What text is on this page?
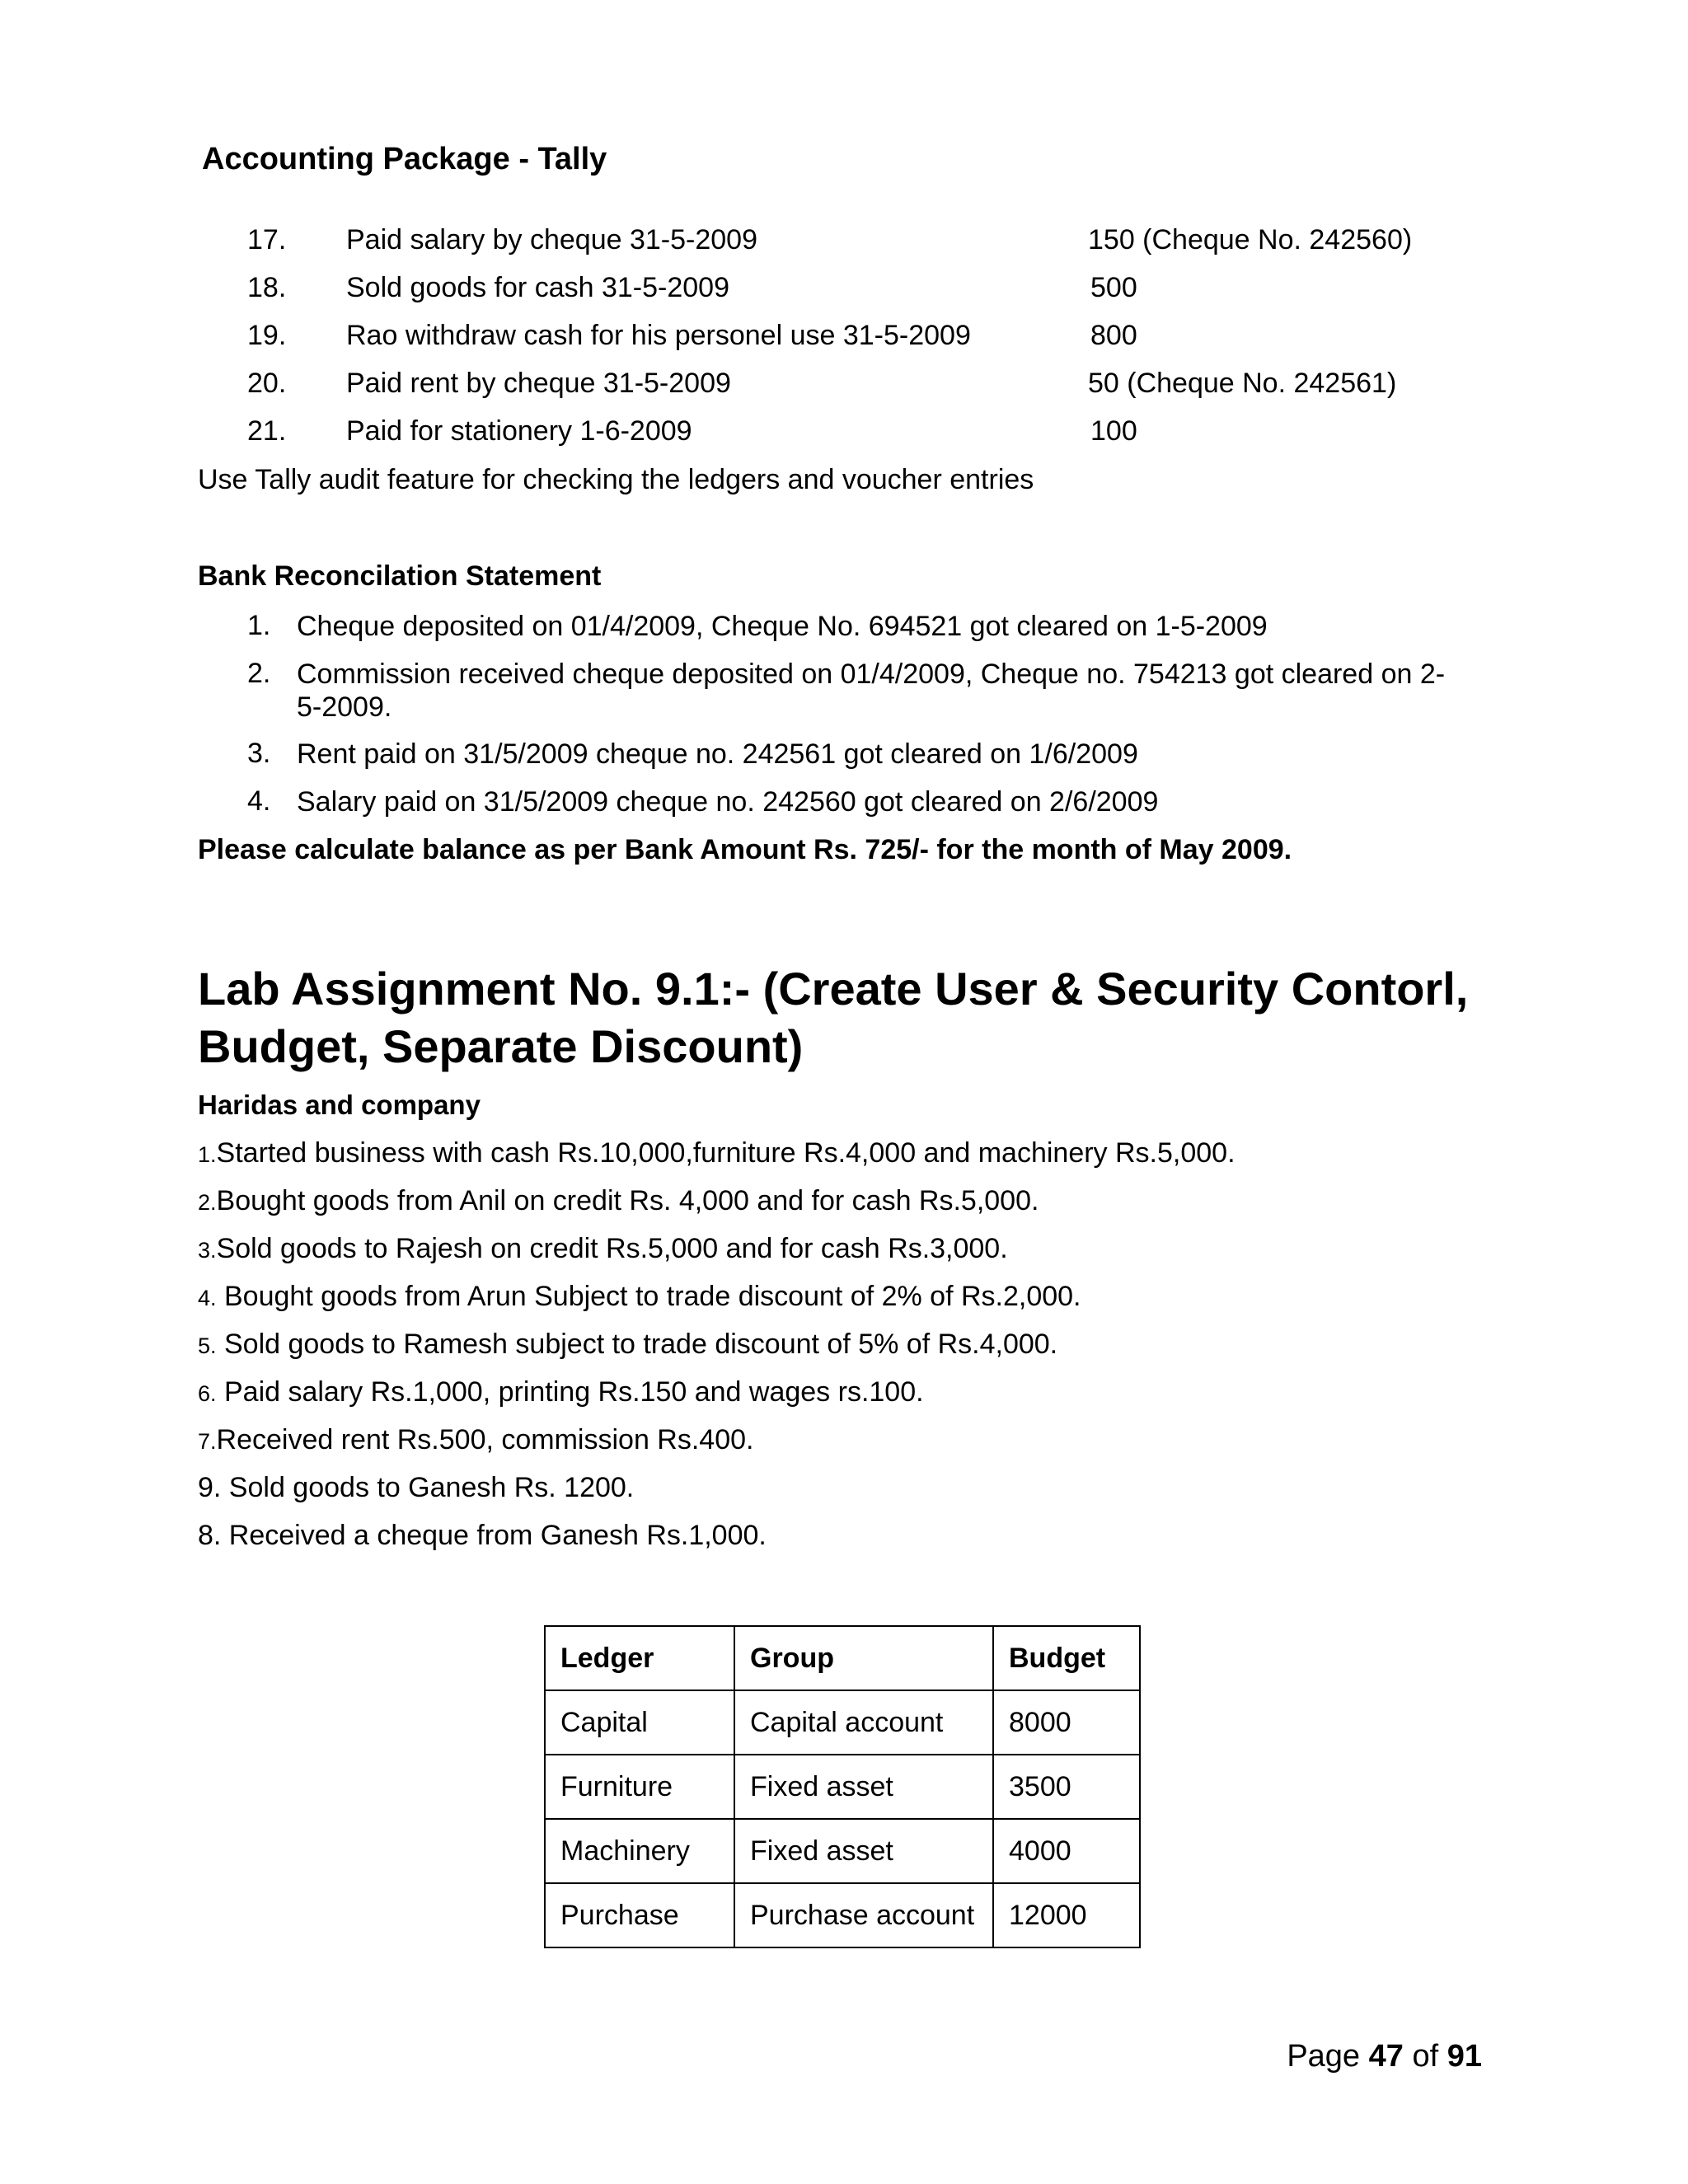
Accounting Package - Tally
17. Paid salary by cheque 31-5-2009	150 (Cheque No. 242560)
18. Sold goods for cash 31-5-2009	500
19. Rao withdraw cash for his personel use 31-5-2009	800
20. Paid rent by cheque 31-5-2009	50 (Cheque No. 242561)
21. Paid for stationery 1-6-2009	100
Use Tally audit feature for checking the ledgers and voucher entries
Bank Reconcilation Statement
1. Cheque deposited on 01/4/2009, Cheque No. 694521 got cleared on 1-5-2009
2. Commission received cheque deposited on 01/4/2009, Cheque no. 754213 got cleared on 2-5-2009.
3. Rent paid on 31/5/2009 cheque no. 242561 got cleared on 1/6/2009
4. Salary paid on 31/5/2009 cheque no. 242560 got cleared on 2/6/2009
Please calculate balance as per Bank Amount Rs. 725/- for the month of May 2009.
Lab Assignment No. 9.1:- (Create User & Security Contorl, Budget, Separate Discount)
Haridas and company
1.Started business with cash Rs.10,000,furniture Rs.4,000 and machinery Rs.5,000.
2.Bought goods from Anil on credit Rs. 4,000 and for cash Rs.5,000.
3.Sold goods to Rajesh on credit Rs.5,000 and for cash Rs.3,000.
4. Bought goods from Arun Subject to trade discount of 2% of Rs.2,000.
5. Sold goods to Ramesh subject to trade discount of 5% of Rs.4,000.
6. Paid salary Rs.1,000, printing Rs.150 and wages rs.100.
7.Received rent Rs.500, commission Rs.400.
9. Sold goods to Ganesh Rs. 1200.
8. Received a cheque from Ganesh Rs.1,000.
Ledger	Group	Budget
Capital	Capital account	8000
Furniture	Fixed asset	3500
Machinery	Fixed asset	4000
Purchase	Purchase account	12000
Page 47 of 91
